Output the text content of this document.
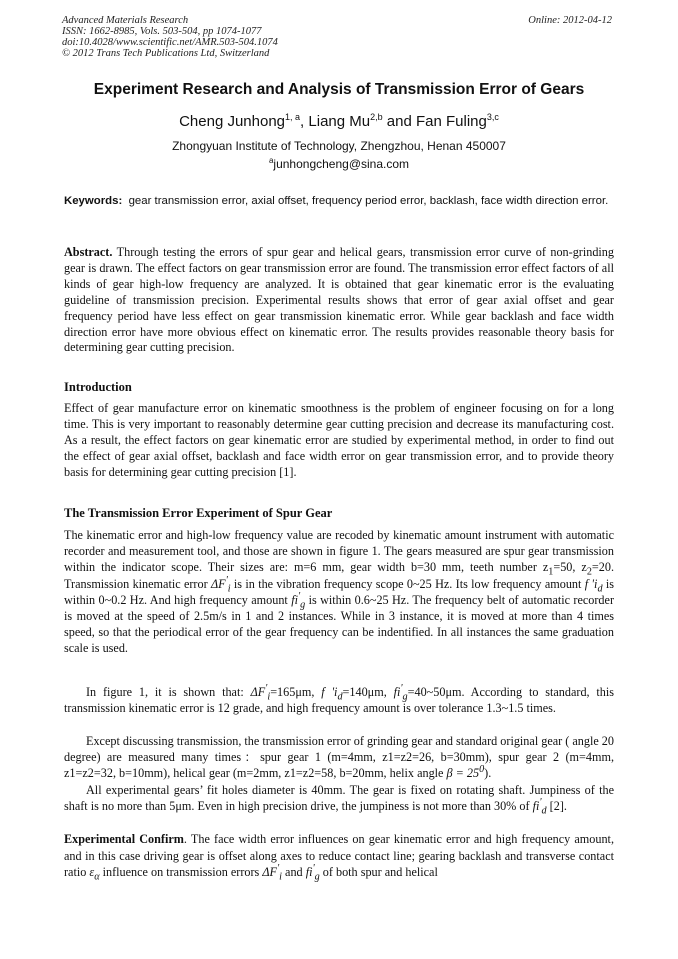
Advanced Materials Research
ISSN: 1662-8985, Vols. 503-504, pp 1074-1077
doi:10.4028/www.scientific.net/AMR.503-504.1074
© 2012 Trans Tech Publications Ltd, Switzerland
Online: 2012-04-12
Experiment Research and Analysis of Transmission Error of Gears
Cheng Junhong$^{1, a}$, Liang Mu$^{2,b}$ and Fan Fuling$^{3,c}$
Zhongyuan Institute of Technology, Zhengzhou, Henan 450007
$^a$junhongcheng@sina.com
Keywords: gear transmission error, axial offset, frequency period error, backlash, face width direction error.
Abstract. Through testing the errors of spur gear and helical gears, transmission error curve of non-grinding gear is drawn. The effect factors on gear transmission error are found. The transmission error effect factors of all kinds of gear high-low frequency are analyzed. It is obtained that gear kinematic error is the evaluating guideline of transmission precision. Experimental results shows that error of gear axial offset and gear frequency period have less effect on gear transmission kinematic error. While gear backlash and face width direction error have more obvious effect on kinematic error. The results provides reasonable theory basis for determining gear cutting precision.
Introduction
Effect of gear manufacture error on kinematic smoothness is the problem of engineer focusing on for a long time. This is very important to reasonably determine gear cutting precision and decrease its manufacturing cost. As a result, the effect factors on gear kinematic error are studied by experimental method, in order to find out the effect of gear axial offset, backlash and face width error on gear transmission error, and to provide theory basis for determining gear cutting precision [1].
The Transmission Error Experiment of Spur Gear
The kinematic error and high-low frequency value are recoded by kinematic amount instrument with automatic recorder and measurement tool, and those are shown in figure 1. The gears measured are spur gear transmission within the indicator scope. Their sizes are: m=6 mm, gear width b=30 mm, teeth number $z_1=50$, $z_2=20$. Transmission kinematic error $\Delta F'_i$ is in the vibration frequency scope 0~25 Hz. Its low frequency amount f '$i_d$ is within 0~0.2 Hz. And high frequency amount $fi'_g$ is within 0.6~25 Hz. The frequency belt of automatic recorder is moved at the speed of 2.5m/s in 1 and 2 instances. While in 3 instance, it is moved at more than 4 times speed, so that the periodical error of the gear frequency can be indentified. In all instances the same graduation scale is used.
In figure 1, it is shown that: $\Delta F'_i=165\mu m$, f '$i_d=140\mu m$, $fi'_g=40\sim 50\mu m$. According to standard, this transmission kinematic error is 12 grade, and high frequency amount is over tolerance 1.3~1.5 times.
Except discussing transmission, the transmission error of grinding gear and standard original gear ( angle 20 degree) are measured many times：spur gear 1 (m=4mm, z1=z2=26, b=30mm), spur gear 2 (m=4mm, z1=z2=32, b=10mm), helical gear (m=2mm, z1=z2=58, b=20mm, helix angle $\beta = 25^0$).
All experimental gears’ fit holes diameter is 40mm. The gear is fixed on rotating shaft. Jumpiness of the shaft is no more than 5μm. Even in high precision drive, the jumpiness is not more than 30% of $fi'_d$ [2].
Experimental Confirm. The face width error influences on gear kinematic error and high frequency amount, and in this case driving gear is offset along axes to reduce contact line; gearing backlash and transverse contact ratio $\varepsilon_\alpha$ influence on transmission errors $\Delta F'_i$ and $fi'_g$ of both spur and helical
